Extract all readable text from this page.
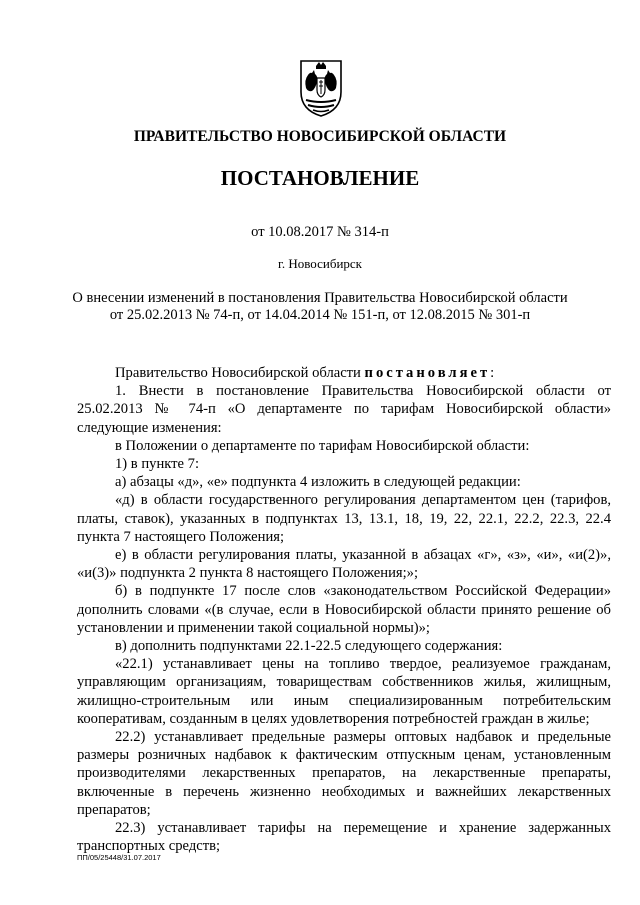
ПРАВИТЕЛЬСТВО НОВОСИБИРСКОЙ ОБЛАСТИ
ПОСТАНОВЛЕНИЕ
от 10.08.2017 № 314-п
г. Новосибирск
О внесении изменений в постановления Правительства Новосибирской области
от 25.02.2013 № 74-п, от 14.04.2014 № 151-п, от 12.08.2015 № 301-п

Правительство Новосибирской области постановляет:

1. Внести в постановление Правительства Новосибирской области от 25.02.2013 № 74-п «О департаменте по тарифам Новосибирской области» следующие изменения:

в Положении о департаменте по тарифам Новосибирской области:

1) в пункте 7:

а) абзацы «д», «е» подпункта 4 изложить в следующей редакции:

«д) в области государственного регулирования департаментом цен (тарифов, платы, ставок), указанных в подпунктах 13, 13.1, 18, 19, 22, 22.1, 22.2, 22.3, 22.4 пункта 7 настоящего Положения;

е) в области регулирования платы, указанной в абзацах «г», «з», «и», «и(2)», «и(3)» подпункта 2 пункта 8 настоящего Положения;»;

б) в подпункте 17 после слов «законодательством Российской Федерации» дополнить словами «(в случае, если в Новосибирской области принято решение об установлении и применении такой социальной нормы)»;

в) дополнить подпунктами 22.1-22.5 следующего содержания:

«22.1) устанавливает цены на топливо твердое, реализуемое гражданам, управляющим организациям, товариществам собственников жилья, жилищным, жилищно-строительным или иным специализированным потребительским кооперативам, созданным в целях удовлетворения потребностей граждан в жилье;

22.2) устанавливает предельные размеры оптовых надбавок и предельные размеры розничных надбавок к фактическим отпускным ценам, установленным производителями лекарственных препаратов, на лекарственные препараты, включенные в перечень жизненно необходимых и важнейших лекарственных препаратов;

22.3) устанавливает тарифы на перемещение и хранение задержанных транспортных средств;

ПП/05/25448/31.07.2017
